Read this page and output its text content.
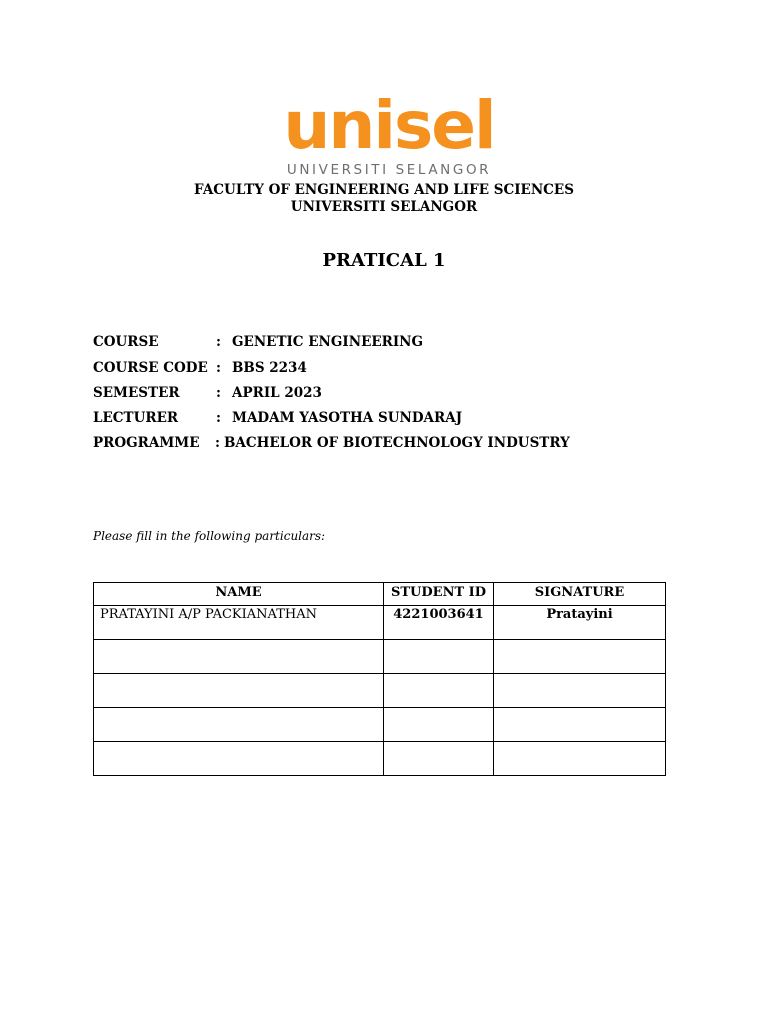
unisel
UNIVERSITI SELANGOR
FACULTY OF ENGINEERING AND LIFE SCIENCES
UNIVERSITI SELANGOR
PRATICAL 1
COURSE	: GENETIC ENGINEERING
COURSE CODE : BBS 2234
SEMESTER	: APRIL 2023
LECTURER	: MADAM YASOTHA SUNDARAJ
PROGRAMME : BACHELOR OF BIOTECHNOLOGY INDUSTRY
Please fill in the following particulars:
NAME	STUDENT ID	SIGNATURE
PRATAYINI A/P PACKIANATHAN	4221003641	Pratayini
